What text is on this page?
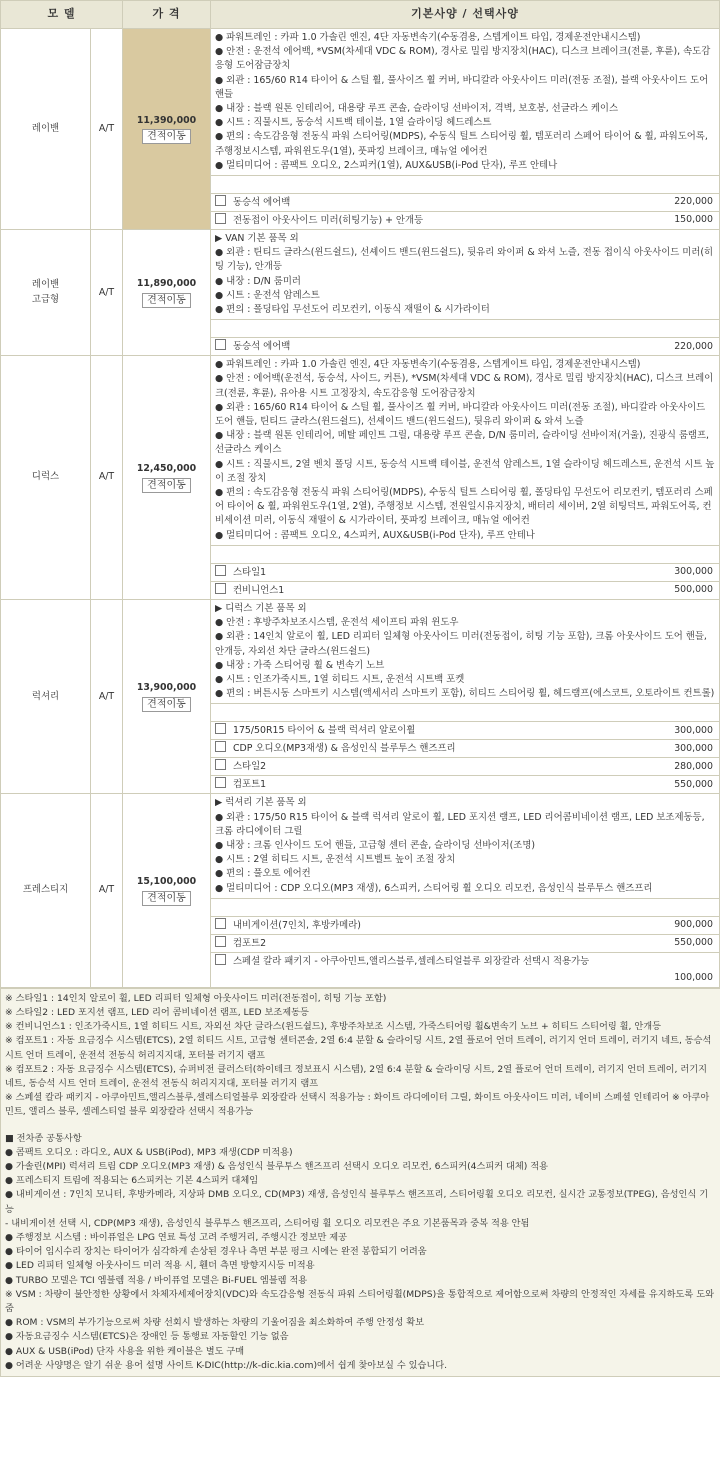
모 델	가 격	기본사양 / 선택사양
레이밴	A/T	
11,390,000
견적이동	
● 파워트레인 : 카파 1.0 가솔린 엔진, 4단 자동변속기(수동겸용, 스텝게이트 타입, 경제운전안내시스템)
● 안전 : 운전석 에어백, *VSM(차세대 VDC & ROM), 경사로 밀림 방지장치(HAC), 디스크 브레이크(전륜, 후륜), 속도감응형 도어잠금장치
● 외관 : 165/60 R14 타이어 & 스틸 휠, 풀사이즈 휠 커버, 바디칼라 아웃사이드 미러(전동 조절), 블랙 아웃사이드 도어 핸들
● 내장 : 블랙 원톤 인테리어, 대용량 루프 콘솔, 슬라이딩 선바이저, 격벽, 보호봉, 선글라스 케이스
● 시트 : 직물시트, 동승석 시트백 테이블, 1열 슬라이딩 헤드레스트
● 편의 : 속도감응형 전동식 파워 스티어링(MDPS), 수동식 틸트 스티어링 휠, 템포러리 스페어 타이어 & 휠, 파워도어록, 주행정보시스템, 파워윈도우(1열), 풋파킹 브레이크, 매뉴얼 에어컨
● 멀티미디어 : 콤팩트 오디오, 2스피커(1열), AUX&USB(i-Pod 단자), 루프 안테나

동승석 에어백	220,000
전동접이 아웃사이드 미러(히팅기능) + 안개등	150,000

레이밴
고급형	A/T	
11,890,000
견적이동	
▶ VAN 기본 품목 외
● 외관 : 틴티드 글라스(윈드쉴드), 선셰이드 밴드(윈드쉴드), 뒷유리 와이퍼 & 와셔 노즐, 전동 접이식 아웃사이드 미러(히팅 기능), 안개등
● 내장 : D/N 룸미러
● 시트 : 운전석 암레스트
● 편의 : 폴딩타입 무선도어 리모컨키, 이동식 재떨이 & 시가라이터

동승석 에어백	220,000

디럭스	A/T	
12,450,000
견적이동	
● 파워트레인 : 카파 1.0 가솔린 엔진, 4단 자동변속기(수동겸용, 스텝게이트 타입, 경제운전안내시스템)
● 안전 : 에어백(운전석, 동승석, 사이드, 커튼), *VSM(차세대 VDC & ROM), 경사로 밀림 방지장치(HAC), 디스크 브레이크(전륜, 후륜), 유아용 시트 고정장치, 속도감응형 도어잠금장치
● 외관 : 165/60 R14 타이어 & 스틸 휠, 풀사이즈 휠 커버, 바디칼라 아웃사이드 미러(전동 조절), 바디칼라 아웃사이드 도어 핸들, 틴티드 글라스(윈드쉴드), 선셰이드 밴드(윈드쉴드), 뒷유리 와이퍼 & 와셔 노즐
● 내장 : 블랙 원톤 인테리어, 메탈 페인트 그릴, 대용량 루프 콘솔, D/N 룸미러, 슬라이딩 선바이저(거울), 진광식 룸램프, 선글라스 케이스
● 시트 : 직물시트, 2열 벤치 폴딩 시트, 동승석 시트백 테이블, 운전석 암레스트, 1열 슬라이딩 헤드레스트, 운전석 시트 높이 조절 장치
● 편의 : 속도감응형 전동식 파워 스티어링(MDPS), 수동식 틸트 스티어링 휠, 폴딩타입 무선도어 리모컨키, 템포러리 스페어 타이어 & 휠, 파워윈도우(1열, 2열), 주행정보 시스템, 전원일시유지장치, 배터리 세이버, 2열 히팅덕트, 파워도어록, 컨비세이션 미러, 이동식 재떨이 & 시가라이터, 풋파킹 브레이크, 매뉴얼 에어컨
● 멀티미디어 : 콤팩트 오디오, 4스피커, AUX&USB(i-Pod 단자), 루프 안테나

스타일1	300,000
컨비니언스1	500,000

럭셔리	A/T	
13,900,000
견적이동	
▶ 디럭스 기본 품목 외
● 안전 : 후방주차보조시스템, 운전석 세이프티 파워 윈도우
● 외관 : 14인치 알로이 휠, LED 리피터 일체형 아웃사이드 미러(전동접이, 히팅 기능 포함), 크롬 아웃사이드 도어 핸들, 안개등, 자외선 차단 글라스(윈드쉴드)
● 내장 : 가죽 스티어링 휠 & 변속기 노브
● 시트 : 인조가죽시트, 1열 히티드 시트, 운전석 시트백 포켓
● 편의 : 버튼시동 스마트키 시스템(액세서리 스마트키 포함), 히티드 스티어링 휠, 헤드램프(에스코트, 오토라이트 컨트롤)

175/50R15 타이어 & 블랙 럭셔리 알로이휠	300,000
CDP 오디오(MP3재생) & 음성인식 블루투스 핸즈프리	300,000
스타일2	280,000
컴포트1	550,000

프레스티지	A/T	
15,100,000
견적이동	
▶ 럭셔리 기본 품목 외
● 외관 : 175/50 R15 타이어 & 블랙 럭셔리 알로이 휠, LED 포지션 램프, LED 리어콤비네이션 램프, LED 보조제동등, 크롬 라디에이터 그릴
● 내장 : 크롬 인사이드 도어 핸들, 고급형 센터 콘솔, 슬라이딩 선바이저(조명)
● 시트 : 2열 히티드 시트, 운전석 시트벨트 높이 조절 장치
● 편의 : 풀오토 에어컨
● 멀티미디어 : CDP 오디오(MP3 재생), 6스피커, 스티어링 휠 오디오 리모컨, 음성인식 블루투스 핸즈프리

내비게이션(7인치, 후방카메라)	900,000
컴포트2	550,000
스페셜 칼라 패키지 - 아쿠아민트,앨리스블루,셀레스티얼블루 외장칼라 선택시 적용가능
100,000
※ 스타일1 : 14인치 알로이 휠, LED 리피터 일체형 아웃사이드 미러(전동접이, 히팅 기능 포함)
※ 스타일2 : LED 포지션 램프, LED 리어 콤비네이션 램프, LED 보조제동등
※ 컨비니언스1 : 인조가죽시트, 1열 히티드 시트, 자외선 차단 글라스(윈드쉴드), 후방주차보조 시스템, 가죽스티어링 휠&변속기 노브 + 히티드 스티어링 휠, 안개등
※ 컴포트1 : 자동 요금징수 시스템(ETCS), 2열 히티드 시트, 고급형 센터콘솔, 2열 6:4 분할 & 슬라이딩 시트, 2열 플로어 언더 트레이, 러기지 언더 트레이, 러기지 네트, 동승석 시트 언더 트레이, 운전석 전동식 허리지지대, 포터블 러기지 램프
※ 컴포트2 : 자동 요금징수 시스템(ETCS), 슈퍼비전 클러스터(하이테크 정보표시 시스템), 2열 6:4 분할 & 슬라이딩 시트, 2열 플로어 언더 트레이, 러기지 언더 트레이, 러기지 네트, 동승석 시트 언더 트레이, 운전석 전동식 허리지지대, 포터블 러기지 램프
※ 스페셜 칼라 패키지 - 아쿠아민트,앨리스블루,셀레스티얼블루 외장칼라 선택시 적용가능 : 화이트 라디에이터 그릴, 화이트 아웃사이드 미러, 네이비 스페셜 인테리어 ※ 아쿠아민트, 앨리스 블루, 셀레스티얼 블루 외장칼라 선택시 적용가능
■ 전차종 공통사항
● 콤팩트 오디오 : 라디오, AUX & USB(iPod), MP3 재생(CDP 미적용)
● 가솔린(MPI) 럭셔리 트림 CDP 오디오(MP3 재생) & 음성인식 블루투스 핸즈프리 선택시 오디오 리모컨, 6스피커(4스피커 대체) 적용
● 프레스티지 트림에 적용되는 6스피커는 기본 4스피커 대체임
● 내비게이션 : 7인치 모니터, 후방카메라, 지상파 DMB 오디오, CD(MP3) 재생, 음성인식 블루투스 핸즈프리, 스티어링휠 오디오 리모컨, 실시간 교통정보(TPEG), 음성인식 기능
- 내비게이션 선택 시, CDP(MP3 재생), 음성인식 블루투스 핸즈프리, 스티어링 휠 오디오 리모컨은 주요 기본품목과 중복 적용 안됨
● 주행정보 시스템 : 바이퓨얼은 LPG 연료 특성 고려 주행거리, 주행시간 정보만 제공
● 타이어 임시수리 장치는 타이어가 심각하게 손상된 경우나 측면 부분 펑크 시에는 완전 봉합되기 어려움
● LED 리피터 일체형 아웃사이드 미러 적용 시, 휀더 측면 방향지시등 미적용
● TURBO 모델은 TCI 엠블렘 적용 / 바이퓨얼 모델은 Bi-FUEL 엠블렘 적용
※ VSM : 차량이 불안정한 상황에서 차체자세제어장치(VDC)와 속도감응형 전동식 파워 스티어링휠(MDPS)을 통합적으로 제어함으로써 차량의 안정적인 자세를 유지하도록 도와줌
● ROM : VSM의 부가기능으로써 차량 선회시 발생하는 차량의 기울어짐을 최소화하여 주행 안정성 확보
● 자동요금징수 시스템(ETCS)은 장애인 등 통행료 자동할인 기능 없음
● AUX & USB(iPod) 단자 사용을 위한 케이블은 별도 구매
● 어려운 사양명은 알기 쉬운 용어 설명 사이트 K-DIC(http://k-dic.kia.com)에서 쉽게 찾아보실 수 있습니다.
